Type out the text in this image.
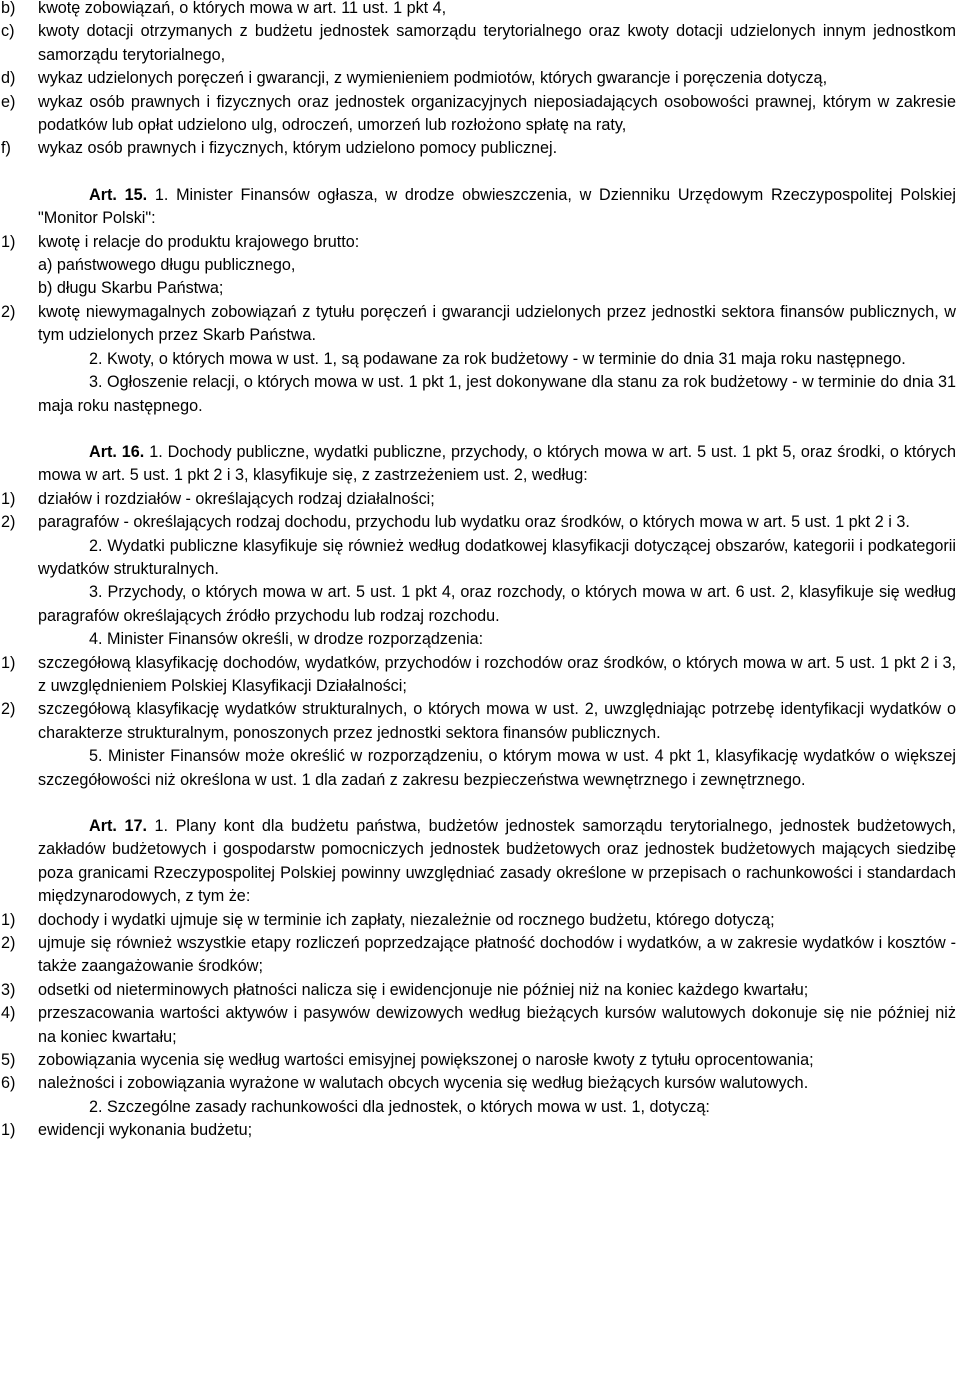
b) kwotę zobowiązań, o których mowa w art. 11 ust. 1 pkt 4,
c) kwoty dotacji otrzymanych z budżetu jednostek samorządu terytorialnego oraz kwoty dotacji udzielonych innym jednostkom samorządu terytorialnego,
d) wykaz udzielonych poręczeń i gwarancji, z wymienieniem podmiotów, których gwarancje i poręczenia dotyczą,
e) wykaz osób prawnych i fizycznych oraz jednostek organizacyjnych nieposiadających osobowości prawnej, którym w zakresie podatków lub opłat udzielono ulg, odroczeń, umorzeń lub rozłożono spłatę na raty,
f) wykaz osób prawnych i fizycznych, którym udzielono pomocy publicznej.
Art. 15. 1. Minister Finansów ogłasza, w drodze obwieszczenia, w Dzienniku Urzędowym Rzeczypospolitej Polskiej "Monitor Polski":
1) kwotę i relacje do produktu krajowego brutto:
a) państwowego długu publicznego,
b) długu Skarbu Państwa;
2) kwotę niewymagalnych zobowiązań z tytułu poręczeń i gwarancji udzielonych przez jednostki sektora finansów publicznych, w tym udzielonych przez Skarb Państwa.
2. Kwoty, o których mowa w ust. 1, są podawane za rok budżetowy - w terminie do dnia 31 maja roku następnego.
3. Ogłoszenie relacji, o których mowa w ust. 1 pkt 1, jest dokonywane dla stanu za rok budżetowy - w terminie do dnia 31 maja roku następnego.
Art. 16. 1. Dochody publiczne, wydatki publiczne, przychody, o których mowa w art. 5 ust. 1 pkt 5, oraz środki, o których mowa w art. 5 ust. 1 pkt 2 i 3, klasyfikuje się, z zastrzeżeniem ust. 2, według:
1) działów i rozdziałów - określających rodzaj działalności;
2) paragrafów - określających rodzaj dochodu, przychodu lub wydatku oraz środków, o których mowa w art. 5 ust. 1 pkt 2 i 3.
2. Wydatki publiczne klasyfikuje się również według dodatkowej klasyfikacji dotyczącej obszarów, kategorii i podkategorii wydatków strukturalnych.
3. Przychody, o których mowa w art. 5 ust. 1 pkt 4, oraz rozchody, o których mowa w art. 6 ust. 2, klasyfikuje się według paragrafów określających źródło przychodu lub rodzaj rozchodu.
4. Minister Finansów określi, w drodze rozporządzenia:
1) szczegółową klasyfikację dochodów, wydatków, przychodów i rozchodów oraz środków, o których mowa w art. 5 ust. 1 pkt 2 i 3, z uwzględnieniem Polskiej Klasyfikacji Działalności;
2) szczegółową klasyfikację wydatków strukturalnych, o których mowa w ust. 2, uwzględniając potrzebę identyfikacji wydatków o charakterze strukturalnym, ponoszonych przez jednostki sektora finansów publicznych.
5. Minister Finansów może określić w rozporządzeniu, o którym mowa w ust. 4 pkt 1, klasyfikację wydatków o większej szczegółowości niż określona w ust. 1 dla zadań z zakresu bezpieczeństwa wewnętrznego i zewnętrznego.
Art. 17. 1. Plany kont dla budżetu państwa, budżetów jednostek samorządu terytorialnego, jednostek budżetowych, zakładów budżetowych i gospodarstw pomocniczych jednostek budżetowych oraz jednostek budżetowych mających siedzibę poza granicami Rzeczypospolitej Polskiej powinny uwzględniać zasady określone w przepisach o rachunkowości i standardach międzynarodowych, z tym że:
1) dochody i wydatki ujmuje się w terminie ich zapłaty, niezależnie od rocznego budżetu, którego dotyczą;
2) ujmuje się również wszystkie etapy rozliczeń poprzedzające płatność dochodów i wydatków, a w zakresie wydatków i kosztów - także zaangażowanie środków;
3) odsetki od nieterminowych płatności nalicza się i ewidencjonuje nie później niż na koniec każdego kwartału;
4) przeszacowania wartości aktywów i pasywów dewizowych według bieżących kursów walutowych dokonuje się nie później niż na koniec kwartału;
5) zobowiązania wycenia się według wartości emisyjnej powiększonej o narosłe kwoty z tytułu oprocentowania;
6) należności i zobowiązania wyrażone w walutach obcych wycenia się według bieżących kursów walutowych.
2. Szczególne zasady rachunkowości dla jednostek, o których mowa w ust. 1, dotyczą:
1) ewidencji wykonania budżetu;
